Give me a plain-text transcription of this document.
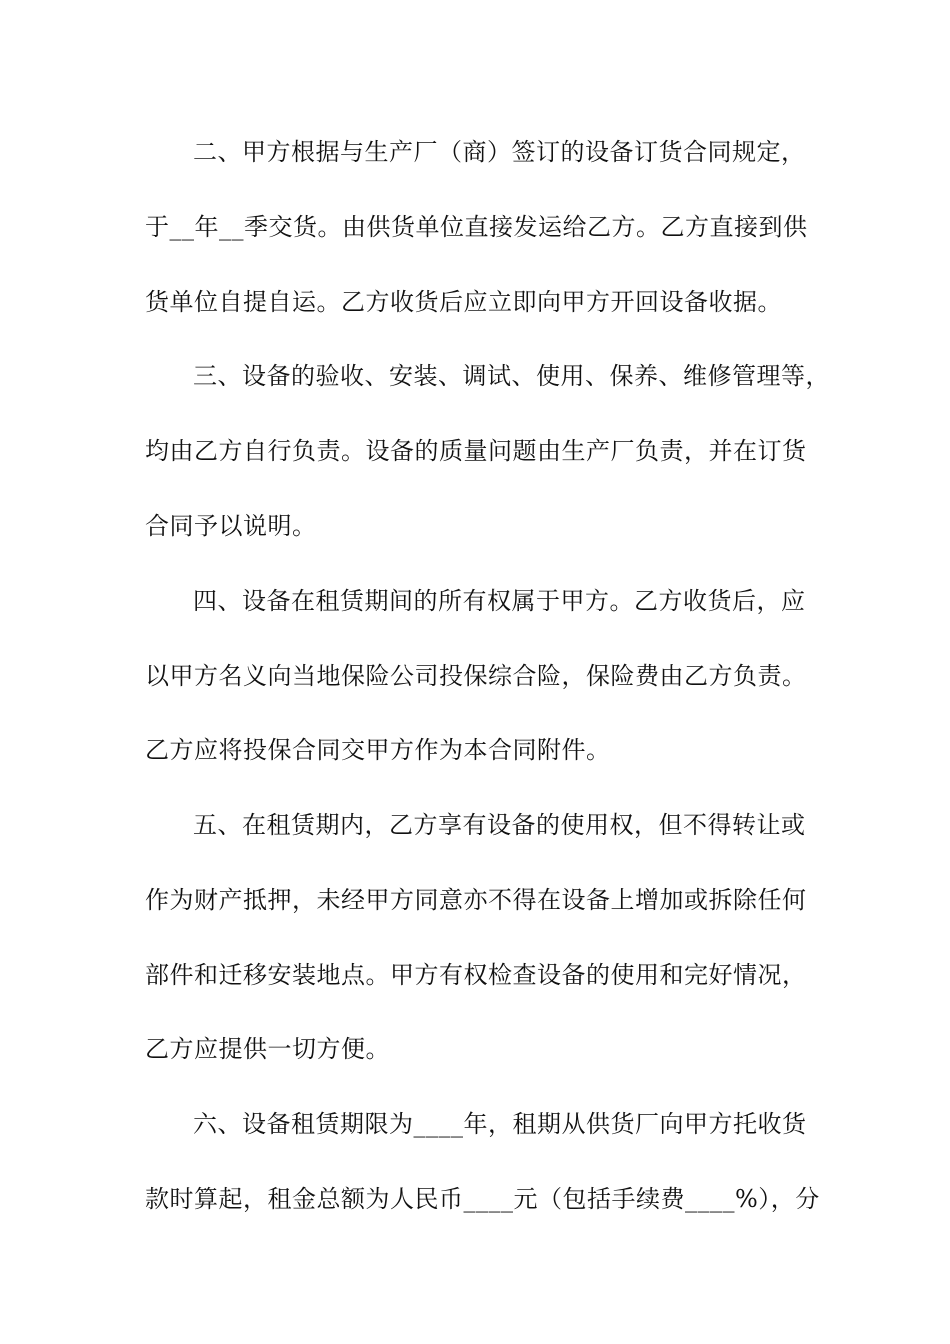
二、甲方根据与生产厂（商）签订的设备订货合同规定，
于__年__季交货。由供货单位直接发运给乙方。乙方直接到供
货单位自提自运。乙方收货后应立即向甲方开回设备收据。
三、设备的验收、安装、调试、使用、保养、维修管理等，
均由乙方自行负责。设备的质量问题由生产厂负责，并在订货
合同予以说明。
四、设备在租赁期间的所有权属于甲方。乙方收货后，应
以甲方名义向当地保险公司投保综合险，保险费由乙方负责。
乙方应将投保合同交甲方作为本合同附件。
五、在租赁期内，乙方享有设备的使用权，但不得转让或
作为财产抵押，未经甲方同意亦不得在设备上增加或拆除任何
部件和迁移安装地点。甲方有权检查设备的使用和完好情况，
乙方应提供一切方便。
六、设备租赁期限为____年，租期从供货厂向甲方托收货
款时算起，租金总额为人民币____元（包括手续费____%），分
